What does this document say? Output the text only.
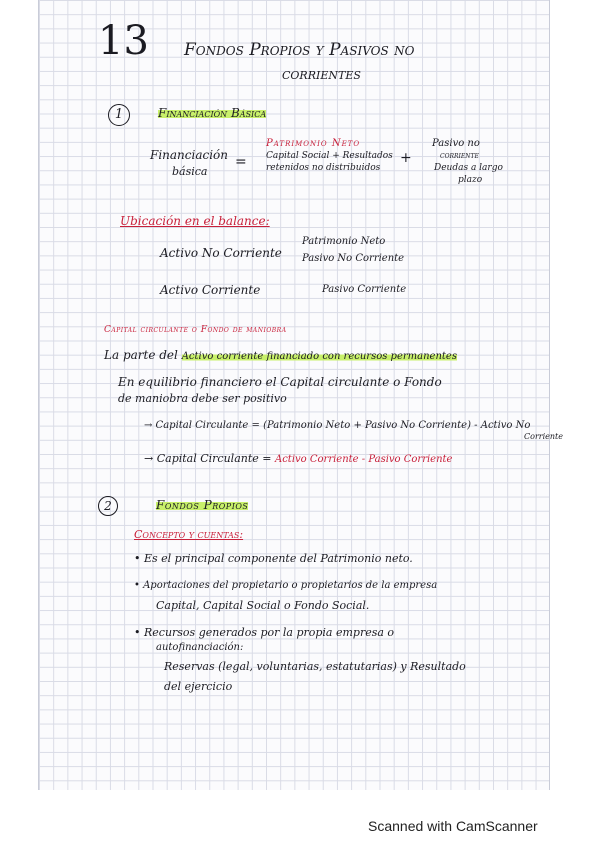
13 Fondos Propios y Pasivos no
corrientes
1	Financiación Básica
Financiación
básica
=
Patrimonio Neto
Capital Social + Resultados
retenidos no distribuidos
+
Pasivo no
corriente
Deudas a largo
plazo
Ubicación en el balance:
Activo No Corriente
Activo Corriente
Patrimonio Neto
Pasivo No Corriente
Pasivo Corriente
Capital circulante o Fondo de maniobra
La parte del Activo corriente financiado con recursos permanentes
En equilibrio financiero el Capital circulante o Fondo
de maniobra debe ser positivo
→ Capital Circulante = (Patrimonio Neto + Pasivo No Corriente) - Activo No
Corriente
→ Capital Circulante = Activo Corriente - Pasivo Corriente
2	Fondos Propios
Concepto y cuentas:
• Es el principal componente del Patrimonio neto.
• Aportaciones del propietario o propietarios de la empresa
Capital, Capital Social o Fondo Social.
• Recursos generados por la propia empresa o
autofinanciación:
Reservas (legal, voluntarias, estatutarias) y Resultado
del ejercicio
Scanned with CamScanner
